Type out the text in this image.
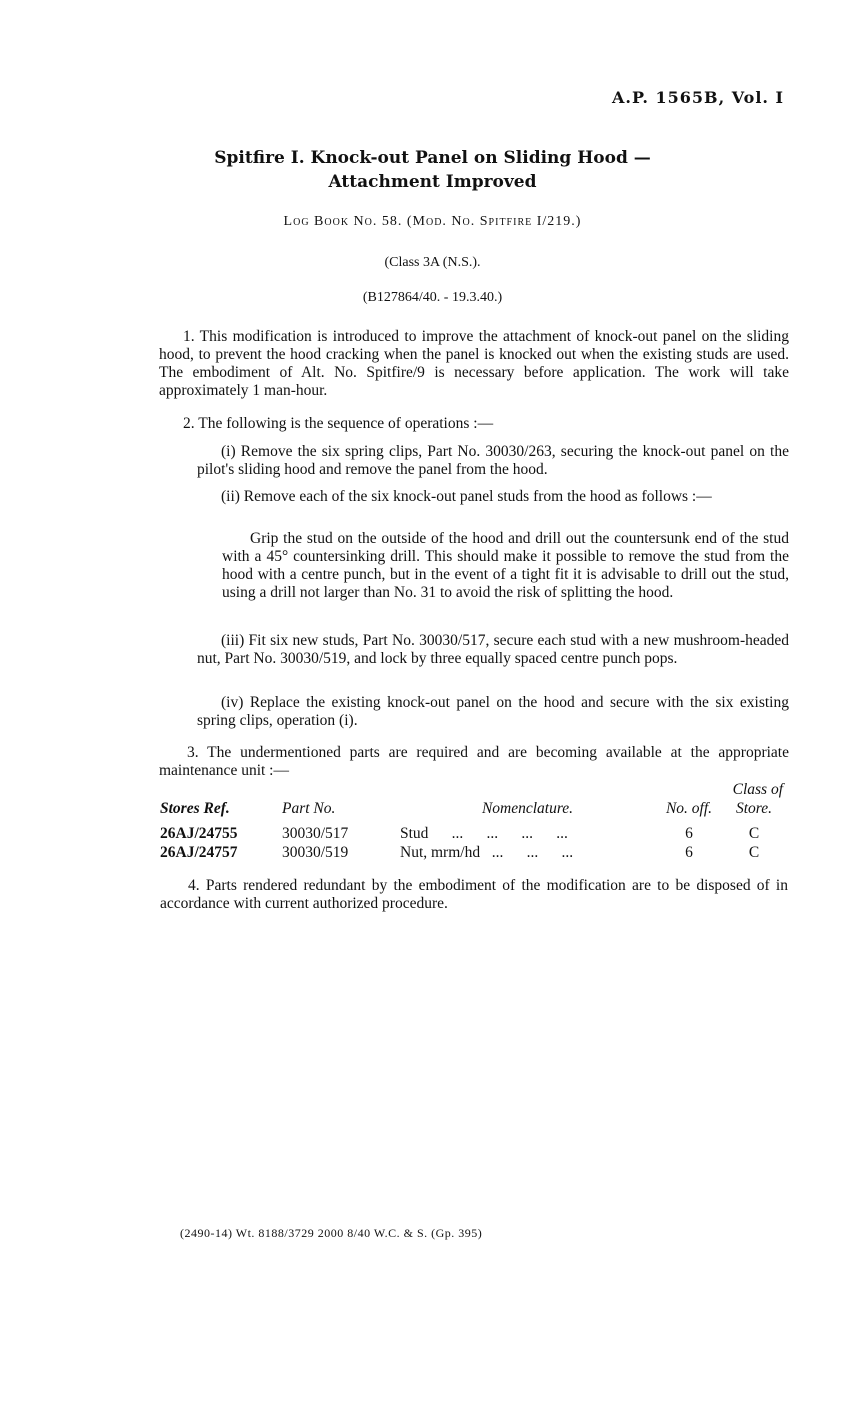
A.P. 1565B, Vol. I
Spitfire I. Knock-out Panel on Sliding Hood —
Attachment Improved
Log Book No. 58. (Mod. No. Spitfire I/219.)
(Class 3A (N.S.).
(B127864/40. - 19.3.40.)
1. This modification is introduced to improve the attachment of knock-out panel on the sliding hood, to prevent the hood cracking when the panel is knocked out when the existing studs are used. The embodiment of Alt. No. Spitfire/9 is necessary before application. The work will take approximately 1 man-hour.
2. The following is the sequence of operations :—
(i) Remove the six spring clips, Part No. 30030/263, securing the knock-out panel on the pilot's sliding hood and remove the panel from the hood.
(ii) Remove each of the six knock-out panel studs from the hood as follows :—
Grip the stud on the outside of the hood and drill out the countersunk end of the stud with a 45° countersinking drill. This should make it possible to remove the stud from the hood with a centre punch, but in the event of a tight fit it is advisable to drill out the stud, using a drill not larger than No. 31 to avoid the risk of splitting the hood.
(iii) Fit six new studs, Part No. 30030/517, secure each stud with a new mushroom-headed nut, Part No. 30030/519, and lock by three equally spaced centre punch pops.
(iv) Replace the existing knock-out panel on the hood and secure with the six existing spring clips, operation (i).
3. The undermentioned parts are required and are becoming available at the appropriate maintenance unit :—
Class of
Stores Ref.	Part No.	Nomenclature.	No. off.	Store.
26AJ/24755	30030/517	Stud      ...      ...      ...      ...	6	C
26AJ/24757	30030/519	Nut, mrm/hd   ...      ...      ...	6	C
4. Parts rendered redundant by the embodiment of the modification are to be disposed of in accordance with current authorized procedure.
(2490-14) Wt. 8188/3729 2000 8/40 W.C. & S. (Gp. 395)
